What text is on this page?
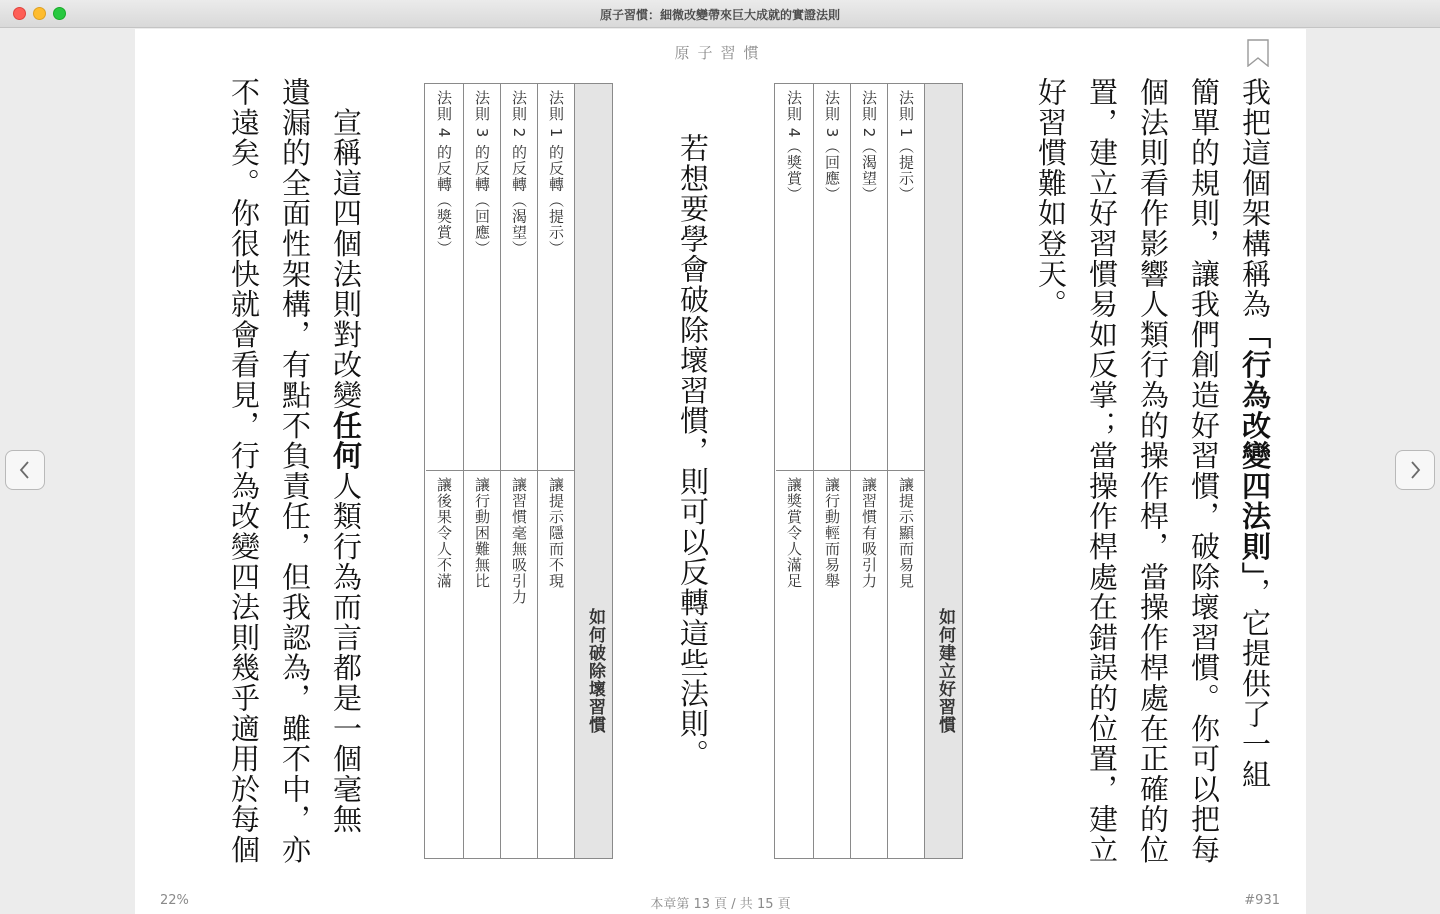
原子習慣：細微改變帶來巨大成就的實證法則
原子習慣
我把這個架構稱為「行為改變四法則」，它提供了一組
簡單的規則，讓我們創造好習慣，破除壞習慣。你可以把每
個法則看作影響人類行為的操作桿，當操作桿處在正確的位
置，建立好習慣易如反掌；當操作桿處在錯誤的位置，建立
好習慣難如登天。
如何建立好習慣
法則 1（提示）
讓提示顯而易見
法則 2（渴望）
讓習慣有吸引力
法則 3（回應）
讓行動輕而易舉
法則 4（獎賞）
讓獎賞令人滿足
若想要學會破除壞習慣，則可以反轉這些法則。
如何破除壞習慣
法則 1 的反轉（提示）
讓提示隱而不現
法則 2 的反轉（渴望）
讓習慣毫無吸引力
法則 3 的反轉（回應）
讓行動困難無比
法則 4 的反轉（獎賞）
讓後果令人不滿
　宣稱這四個法則對改變任何人類行為而言都是一個毫無
遺漏的全面性架構，有點不負責任，但我認為，雖不中，亦
不遠矣。你很快就會看見，行為改變四法則幾乎適用於每個
22%	本章第 13 頁 / 共 15 頁	#931
